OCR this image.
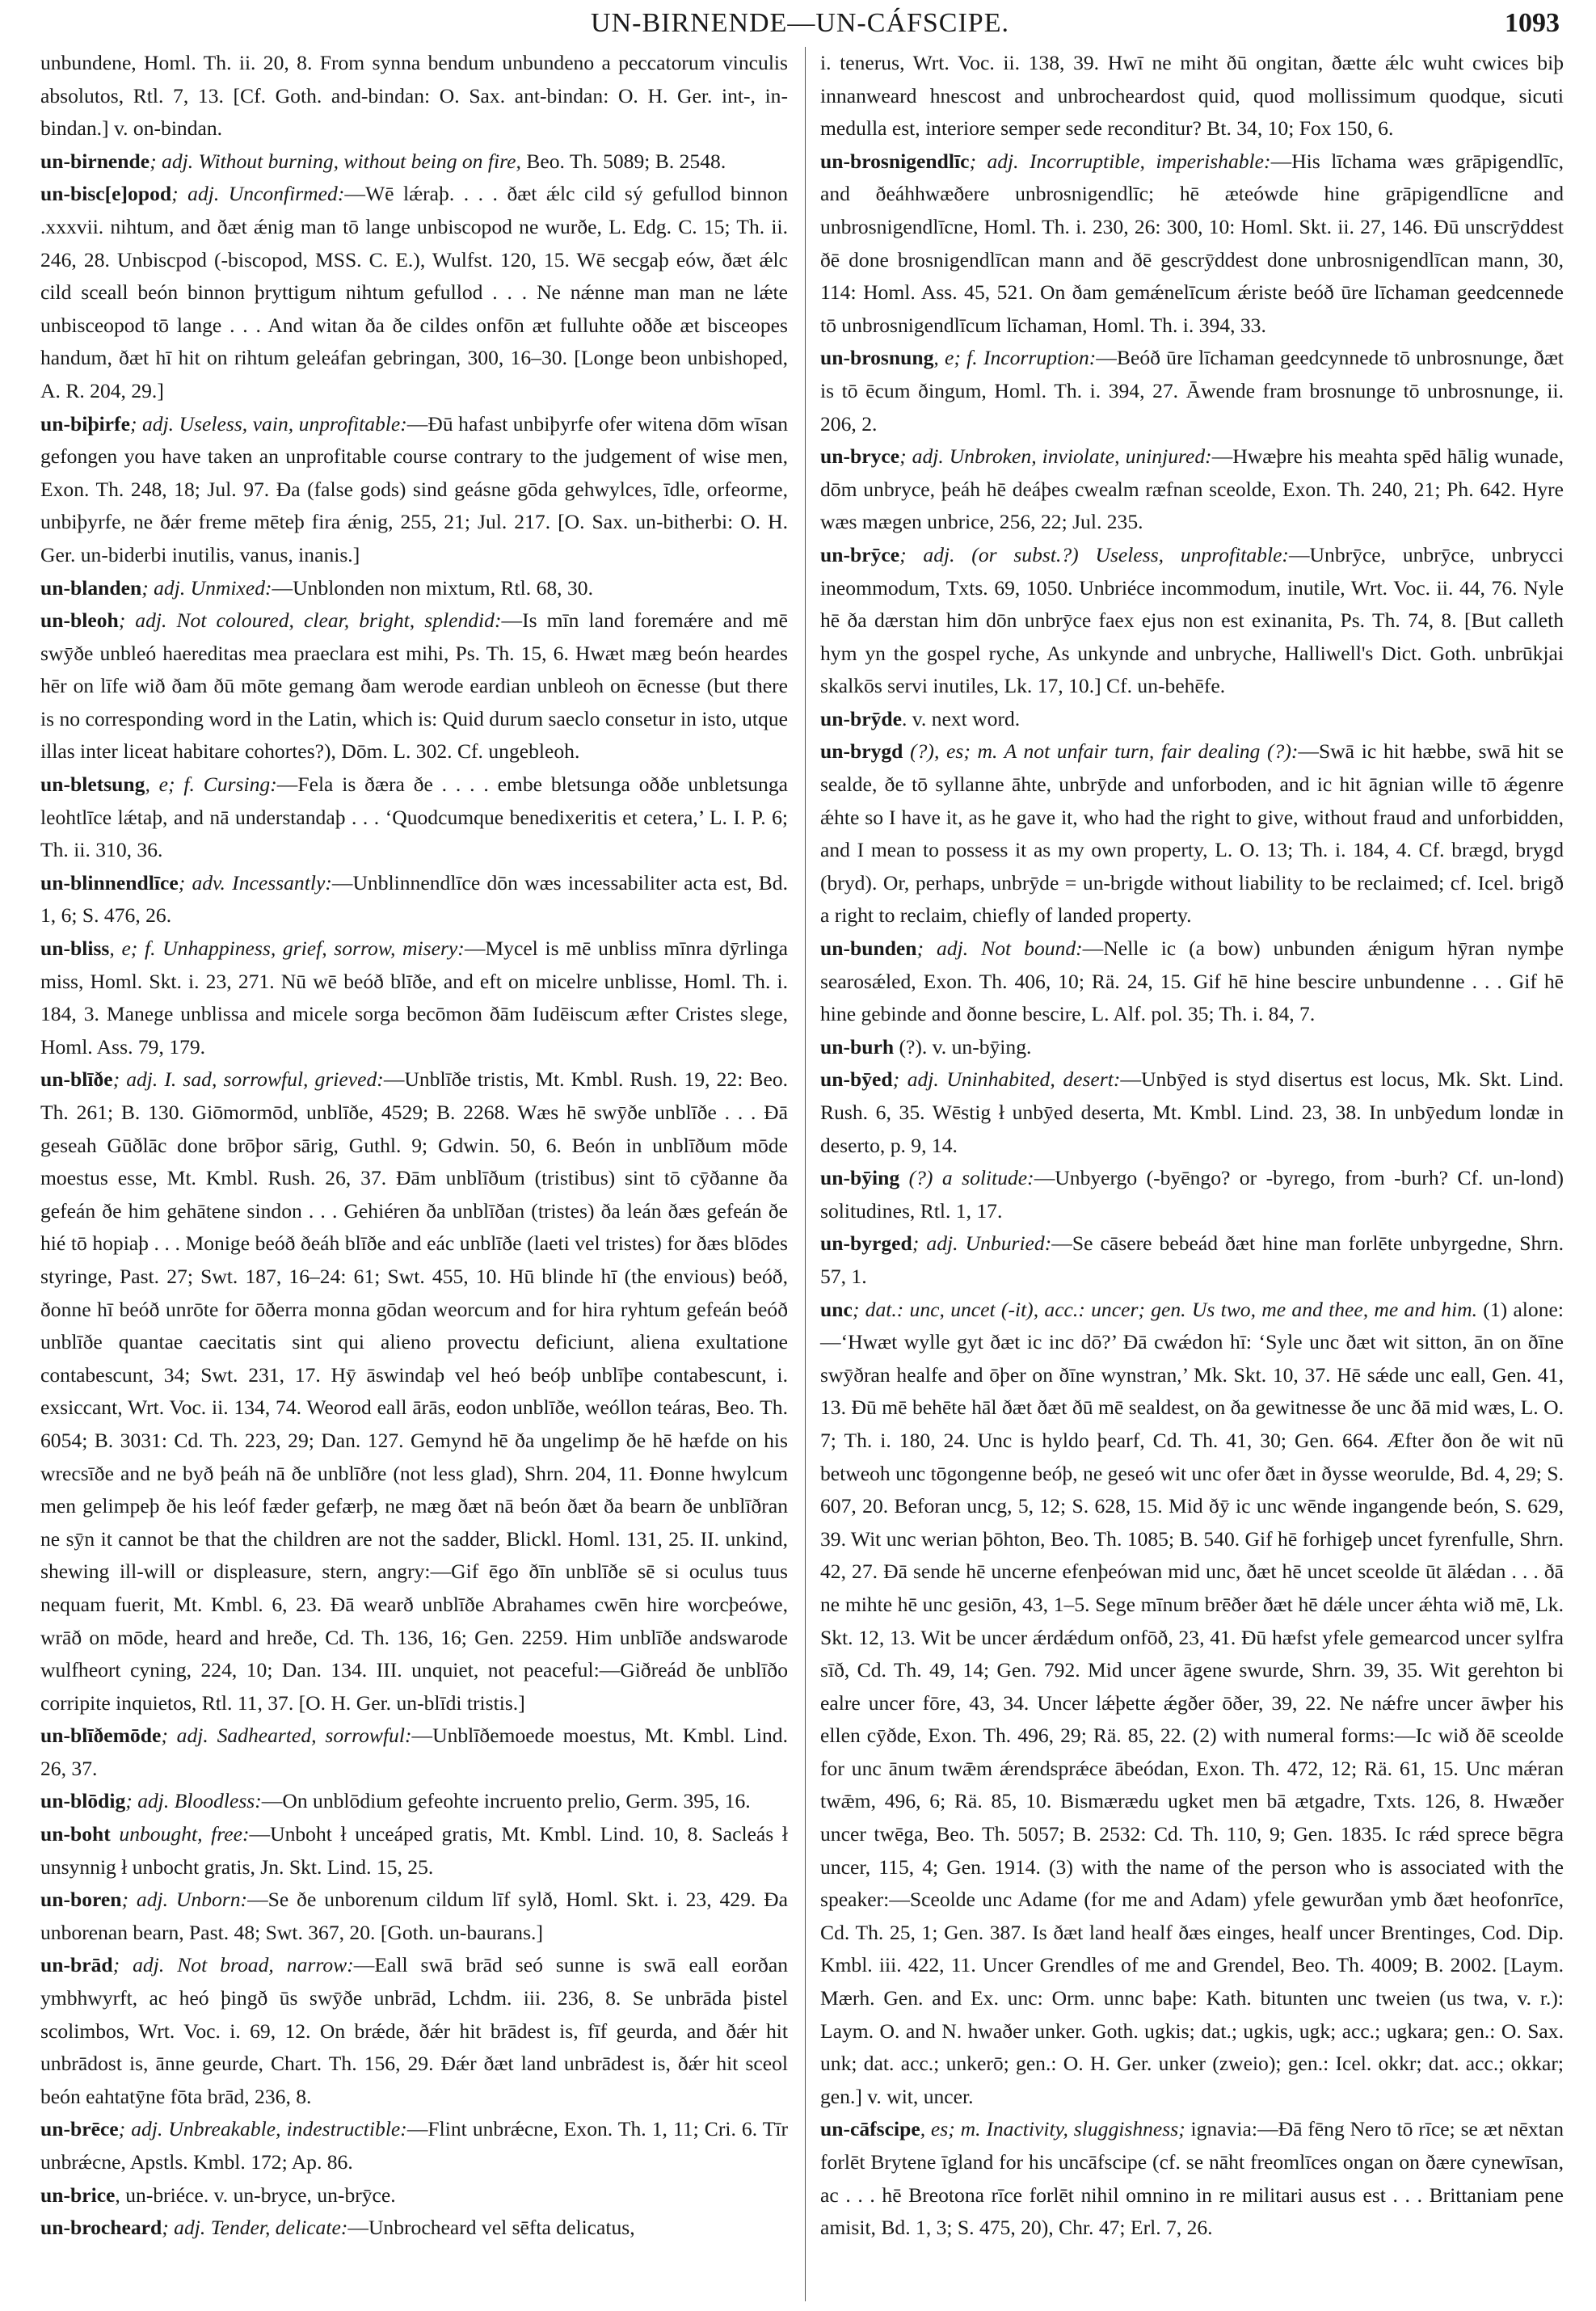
UN-BIRNENDE—UN-CÁFSCIPE.	1093

unbundene, Homl. Th. ii. 20, 8. From synna bendum unbundeno a peccatorum vinculis absolutos, Rtl. 7, 13. [Cf. Goth. and-bindan: O. Sax. ant-bindan: O. H. Ger. int-, in-bindan.] v. on-bindan.

un-birnende; adj. Without burning, without being on fire, Beo. Th. 5089; B. 2548.

un-bisc[e]opod; adj. Unconfirmed:—Wē lǽraþ. . . . ðæt ǽlc cild sý gefullod binnon .xxxvii. nihtum, and ðæt ǽnig man tō lange unbiscopod ne wurðe, L. Edg. C. 15; Th. ii. 246, 28. Unbiscpod (-biscopod, MSS. C. E.), Wulfst. 120, 15. Wē secgaþ eów, ðæt ǽlc cild sceall beón binnon þryttigum nihtum gefullod . . . Ne nǽnne man man ne lǽte unbisceopod tō lange . . . And witan ða ðe cildes onfōn æt fulluhte oððe æt bisceopes handum, ðæt hī hit on rihtum geleáfan gebringan, 300, 16–30. [Longe beon unbishoped, A. R. 204, 29.]

un-biþirfe; adj. Useless, vain, unprofitable:—Ðū hafast unbiþyrfe ofer witena dōm wīsan gefongen you have taken an unprofitable course contrary to the judgement of wise men, Exon. Th. 248, 18; Jul. 97. Ða (false gods) sind geásne gōda gehwylces, īdle, orfeorme, unbiþyrfe, ne ðǽr freme mēteþ fira ǽnig, 255, 21; Jul. 217. [O. Sax. un-bitherbi: O. H. Ger. un-biderbi inutilis, vanus, inanis.]

un-blanden; adj. Unmixed:—Unblonden non mixtum, Rtl. 68, 30.

un-bleoh; adj. Not coloured, clear, bright, splendid:—Is mīn land foremǽre and mē swȳðe unbleó haereditas mea praeclara est mihi, Ps. Th. 15, 6. Hwæt mæg beón heardes hēr on līfe wið ðam ðū mōte gemang ðam werode eardian unbleoh on ēcnesse (but there is no corresponding word in the Latin, which is: Quid durum saeclo consetur in isto, utque illas inter liceat habitare cohortes?), Dōm. L. 302. Cf. ungebleoh.

un-bletsung, e; f. Cursing:—Fela is ðæra ðe . . . . embe bletsunga oððe unbletsunga leohtlīce lǽtaþ, and nā understandaþ . . . ‘Quodcumque benedixeritis et cetera,’ L. I. P. 6; Th. ii. 310, 36.

un-blinnendlīce; adv. Incessantly:—Unblinnendlīce dōn wæs incessabiliter acta est, Bd. 1, 6; S. 476, 26.

un-bliss, e; f. Unhappiness, grief, sorrow, misery:—Mycel is mē unbliss mīnra dȳrlinga miss, Homl. Skt. i. 23, 271. Nū wē beóð blīðe, and eft on micelre unblisse, Homl. Th. i. 184, 3. Manege unblissa and micele sorga becōmon ðām Iudēiscum æfter Cristes slege, Homl. Ass. 79, 179.

un-blīðe; adj. I. sad, sorrowful, grieved:—Unblīðe tristis, Mt. Kmbl. Rush. 19, 22: Beo. Th. 261; B. 130. Giōmormōd, unblīðe, 4529; B. 2268. Wæs hē swȳðe unblīðe . . . Ðā geseah Gūðlāc done brōþor sārig, Guthl. 9; Gdwin. 50, 6. Beón in unblīðum mōde moestus esse, Mt. Kmbl. Rush. 26, 37. Ðām unblīðum (tristibus) sint tō cȳðanne ða gefeán ðe him gehātene sindon . . . Gehiéren ða unblīðan (tristes) ða leán ðæs gefeán ðe hié tō hopiaþ . . . Monige beóð ðeáh blīðe and eác unblīðe (laeti vel tristes) for ðæs blōdes styringe, Past. 27; Swt. 187, 16–24: 61; Swt. 455, 10. Hū blinde hī (the envious) beóð, ðonne hī beóð unrōte for ōðerra monna gōdan weorcum and for hira ryhtum gefeán beóð unblīðe quantae caecitatis sint qui alieno provectu deficiunt, aliena exultatione contabescunt, 34; Swt. 231, 17. Hȳ āswindaþ vel heó beóþ unblīþe contabescunt, i. exsiccant, Wrt. Voc. ii. 134, 74. Weorod eall ārās, eodon unblīðe, weóllon teáras, Beo. Th. 6054; B. 3031: Cd. Th. 223, 29; Dan. 127. Gemynd hē ða ungelimp ðe hē hæfde on his wrecsīðe and ne byð þeáh nā ðe unblīðre (not less glad), Shrn. 204, 11. Ðonne hwylcum men gelimpeþ ðe his leóf fæder gefærþ, ne mæg ðæt nā beón ðæt ða bearn ðe unblīðran ne sȳn it cannot be that the children are not the sadder, Blickl. Homl. 131, 25. II. unkind, shewing ill-will or displeasure, stern, angry:—Gif ēgo ðīn unblīðe sē si oculus tuus nequam fuerit, Mt. Kmbl. 6, 23. Ðā wearð unblīðe Abrahames cwēn hire worcþeówe, wrāð on mōde, heard and hreðe, Cd. Th. 136, 16; Gen. 2259. Him unblīðe andswarode wulfheort cyning, 224, 10; Dan. 134. III. unquiet, not peaceful:—Giðreád ðe unblīðo corripite inquietos, Rtl. 11, 37. [O. H. Ger. un-blīdi tristis.]

un-blīðemōde; adj. Sadhearted, sorrowful:—Unblīðemoede moestus, Mt. Kmbl. Lind. 26, 37.

un-blōdig; adj. Bloodless:—On unblōdium gefeohte incruento prelio, Germ. 395, 16.

un-boht unbought, free:—Unboht ł unceáped gratis, Mt. Kmbl. Lind. 10, 8. Sacleás ł unsynnig ł unbocht gratis, Jn. Skt. Lind. 15, 25.

un-boren; adj. Unborn:—Se ðe unborenum cildum līf sylð, Homl. Skt. i. 23, 429. Ða unborenan bearn, Past. 48; Swt. 367, 20. [Goth. un-baurans.]

un-brād; adj. Not broad, narrow:—Eall swā brād seó sunne is swā eall eorðan ymbhwyrft, ac heó þingð ūs swȳðe unbrād, Lchdm. iii. 236, 8. Se unbrāda þistel scolimbos, Wrt. Voc. i. 69, 12. On brǽde, ðǽr hit brādest is, fīf geurda, and ðǽr hit unbrādost is, ānne geurde, Chart. Th. 156, 29. Ðǽr ðæt land unbrādest is, ðǽr hit sceol beón eahtatȳne fōta brād, 236, 8.

un-brēce; adj. Unbreakable, indestructible:—Flint unbrǽcne, Exon. Th. 1, 11; Cri. 6. Tīr unbrǽcne, Apstls. Kmbl. 172; Ap. 86.

un-brice, un-briéce. v. un-bryce, un-brȳce.

un-brocheard; adj. Tender, delicate:—Unbrocheard vel sēfta delicatus,

i. tenerus, Wrt. Voc. ii. 138, 39. Hwī ne miht ðū ongitan, ðætte ǽlc wuht cwices biþ innanweard hnescost and unbrocheardost quid, quod mollissimum quodque, sicuti medulla est, interiore semper sede reconditur? Bt. 34, 10; Fox 150, 6.

un-brosnigendlīc; adj. Incorruptible, imperishable:—His līchama wæs grāpigendlīc, and ðeáhhwæðere unbrosnigendlīc; hē æteówde hine grāpigendlīcne and unbrosnigendlīcne, Homl. Th. i. 230, 26: 300, 10: Homl. Skt. ii. 27, 146. Ðū unscrȳddest ðē done brosnigendlīcan mann and ðē gescrȳddest done unbrosnigendlīcan mann, 30, 114: Homl. Ass. 45, 521. On ðam gemǽnelīcum ǽriste beóð ūre līchaman geedcennede tō unbrosnigendlīcum līchaman, Homl. Th. i. 394, 33.

un-brosnung, e; f. Incorruption:—Beóð ūre līchaman geedcynnede tō unbrosnunge, ðæt is tō ēcum ðingum, Homl. Th. i. 394, 27. Āwende fram brosnunge tō unbrosnunge, ii. 206, 2.

un-bryce; adj. Unbroken, inviolate, uninjured:—Hwæþre his meahta spēd hālig wunade, dōm unbryce, þeáh hē deáþes cwealm ræfnan sceolde, Exon. Th. 240, 21; Ph. 642. Hyre wæs mægen unbrice, 256, 22; Jul. 235.

un-brȳce; adj. (or subst.?) Useless, unprofitable:—Unbrȳce, unbrȳce, unbrycci ineommodum, Txts. 69, 1050. Unbriéce incommodum, inutile, Wrt. Voc. ii. 44, 76. Nyle hē ða dærstan him dōn unbrȳce faex ejus non est exinanita, Ps. Th. 74, 8. [But calleth hym yn the gospel ryche, As unkynde and unbryche, Halliwell's Dict. Goth. unbrūkjai skalkōs servi inutiles, Lk. 17, 10.] Cf. un-behēfe.

un-brȳde. v. next word.

un-brygd (?), es; m. A not unfair turn, fair dealing (?):—Swā ic hit hæbbe, swā hit se sealde, ðe tō syllanne āhte, unbrȳde and unforboden, and ic hit āgnian wille tō ǽgenre ǽhte so I have it, as he gave it, who had the right to give, without fraud and unforbidden, and I mean to possess it as my own property, L. O. 13; Th. i. 184, 4. Cf. brægd, brygd (bryd). Or, perhaps, unbrȳde = un-brigde without liability to be reclaimed; cf. Icel. brigð a right to reclaim, chiefly of landed property.

un-bunden; adj. Not bound:—Nelle ic (a bow) unbunden ǽnigum hȳran nymþe searosǽled, Exon. Th. 406, 10; Rä. 24, 15. Gif hē hine bescire unbundenne . . . Gif hē hine gebinde and ðonne bescire, L. Alf. pol. 35; Th. i. 84, 7.

un-burh (?). v. un-bȳing.

un-bȳed; adj. Uninhabited, desert:—Unbȳed is styd disertus est locus, Mk. Skt. Lind. Rush. 6, 35. Wēstig ł unbȳed deserta, Mt. Kmbl. Lind. 23, 38. In unbȳedum londæ in deserto, p. 9, 14.

un-bȳing (?) a solitude:—Unbyergo (-byēngo? or -byrego, from -burh? Cf. un-lond) solitudines, Rtl. 1, 17.

un-byrged; adj. Unburied:—Se cāsere bebeád ðæt hine man forlēte unbyrgedne, Shrn. 57, 1.

unc; dat.: unc, uncet (-it), acc.: uncer; gen. Us two, me and thee, me and him. (1) alone:—‘Hwæt wylle gyt ðæt ic inc dō?’ Ðā cwǽdon hī: ‘Syle unc ðæt wit sitton, ān on ðīne swȳðran healfe and ōþer on ðīne wynstran,’ Mk. Skt. 10, 37. Hē sǽde unc eall, Gen. 41, 13. Ðū mē behēte hāl ðæt ðæt ðū mē sealdest, on ða gewitnesse ðe unc ðā mid wæs, L. O. 7; Th. i. 180, 24. Unc is hyldo þearf, Cd. Th. 41, 30; Gen. 664. Æfter ðon ðe wit nū betweoh unc tōgongenne beóþ, ne geseó wit unc ofer ðæt in ðysse weorulde, Bd. 4, 29; S. 607, 20. Beforan uncg, 5, 12; S. 628, 15. Mid ðȳ ic unc wēnde ingangende beón, S. 629, 39. Wit unc werian þōhton, Beo. Th. 1085; B. 540. Gif hē forhigeþ uncet fyrenfulle, Shrn. 42, 27. Ðā sende hē uncerne efenþeówan mid unc, ðæt hē uncet sceolde ūt ālǽdan . . . ðā ne mihte hē unc gesiōn, 43, 1–5. Sege mīnum brēðer ðæt hē dǽle uncer ǽhta wið mē, Lk. Skt. 12, 13. Wit be uncer ǽrdǽdum onfōð, 23, 41. Ðū hæfst yfele gemearcod uncer sylfra sīð, Cd. Th. 49, 14; Gen. 792. Mid uncer āgene swurde, Shrn. 39, 35. Wit gerehton bi ealre uncer fōre, 43, 34. Uncer lǽþette ǽgðer ōðer, 39, 22. Ne nǽfre uncer āwþer his ellen cȳðde, Exon. Th. 496, 29; Rä. 85, 22. (2) with numeral forms:—Ic wið ðē sceolde for unc ānum twǣm ǽrendsprǽce ābeódan, Exon. Th. 472, 12; Rä. 61, 15. Unc mǽran twǣm, 496, 6; Rä. 85, 10. Bismærædu ugket men bā ætgadre, Txts. 126, 8. Hwæðer uncer twēga, Beo. Th. 5057; B. 2532: Cd. Th. 110, 9; Gen. 1835. Ic rǽd sprece bēgra uncer, 115, 4; Gen. 1914. (3) with the name of the person who is associated with the speaker:—Sceolde unc Adame (for me and Adam) yfele gewurðan ymb ðæt heofonrīce, Cd. Th. 25, 1; Gen. 387. Is ðæt land healf ðæs einges, healf uncer Brentinges, Cod. Dip. Kmbl. iii. 422, 11. Uncer Grendles of me and Grendel, Beo. Th. 4009; B. 2002. [Laym. Mærh. Gen. and Ex. unc: Orm. unnc baþe: Kath. bitunten unc tweien (us twa, v. r.): Laym. O. and N. hwaðer unker. Goth. ugkis; dat.; ugkis, ugk; acc.; ugkara; gen.: O. Sax. unk; dat. acc.; unkerō; gen.: O. H. Ger. unker (zweio); gen.: Icel. okkr; dat. acc.; okkar; gen.] v. wit, uncer.

un-cāfscipe, es; m. Inactivity, sluggishness; ignavia:—Ðā fēng Nero tō rīce; se æt nēxtan forlēt Brytene īgland for his uncāfscipe (cf. se nāht freomlīces ongan on ðære cynewīsan, ac . . . hē Breotona rīce forlēt nihil omnino in re militari ausus est . . . Brittaniam pene amisit, Bd. 1, 3; S. 475, 20), Chr. 47; Erl. 7, 26.
